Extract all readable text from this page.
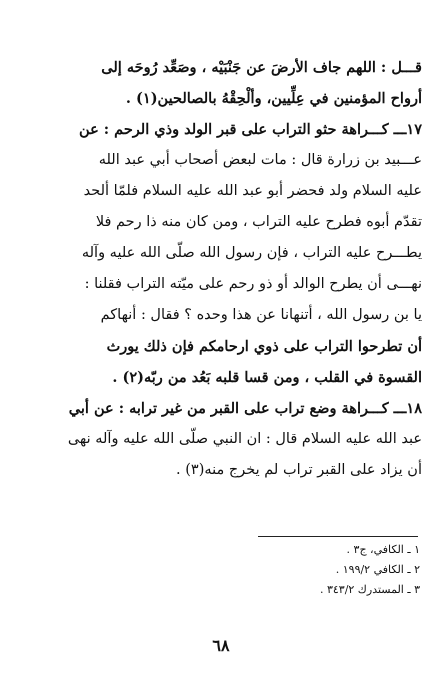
قـــل : اللهم جاف الأرضَ عن جَنْبَيْه ، وصَعِّد رُوحَه إلى
أرواح المؤمنين في عِلِّيين، وألْحِقْهُ بالصالحين(١) .
١٧ـــ كـــراهة حثو التراب على قبر الولد وذي الرحم : عن
عـــبيد بن زرارة قال : مات لبعض أصحاب أبي عبد الله
عليه السلام ولد فحضر أبو عبد الله عليه السلام فلمّا ألحد
تقدّم أبوه فطرح عليه التراب ، ومن كان منه ذا رحم فلا
يطـــرح عليه التراب ، فإن رسول الله صلّى الله عليه وآله
نهـــى أن يطرح الوالد أو ذو رحم على ميّته التراب فقلنا :
يا بن رسول الله ، أتنهانا عن هذا وحده ؟ فقال : أنهاكم
أن تطرحوا التراب على ذوي ارحامكم فإن ذلك يورث
القسوة في القلب ، ومن قسا قلبه بَعُد من ربّه(٢) .
١٨ـــ كـــراهة وضع تراب على القبر من غير ترابه : عن أبي
عبد الله عليه السلام قال : ان النبي صلّى الله عليه وآله نهى
أن يزاد على القبر تراب لم يخرج منه(٣) .
١ ـ الكافي، ج٣ .
٢ ـ الكافي ١٩٩/٢ .
٣ ـ المستدرك ٣٤٣/٢ .
٦٨
